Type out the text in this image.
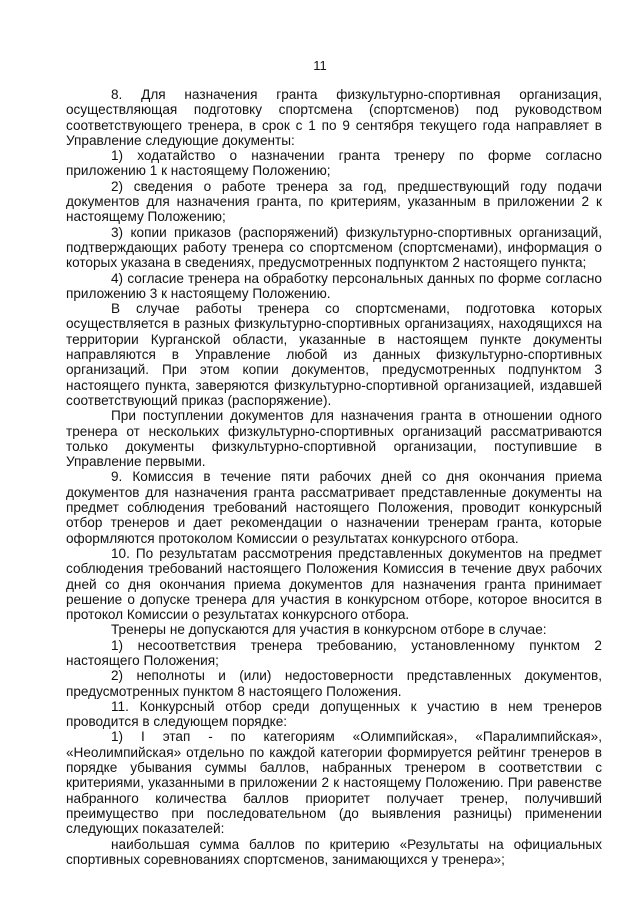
11

8. Для назначения гранта физкультурно-спортивная организация, осуществляющая подготовку спортсмена (спортсменов) под руководством соответствующего тренера, в срок с 1 по 9 сентября текущего года направляет в Управление следующие документы:

1) ходатайство о назначении гранта тренеру по форме согласно приложению 1 к настоящему Положению;

2) сведения о работе тренера за год, предшествующий году подачи документов для назначения гранта, по критериям, указанным в приложении 2 к настоящему Положению;

3) копии приказов (распоряжений) физкультурно-спортивных организаций, подтверждающих работу тренера со спортсменом (спортсменами), информация о которых указана в сведениях, предусмотренных подпунктом 2 настоящего пункта;

4) согласие тренера на обработку персональных данных по форме согласно приложению 3 к настоящему Положению.

В случае работы тренера со спортсменами, подготовка которых осуществляется в разных физкультурно-спортивных организациях, находящихся на территории Курганской области, указанные в настоящем пункте документы направляются в Управление любой из данных физкультурно-спортивных организаций. При этом копии документов, предусмотренных подпунктом 3 настоящего пункта, заверяются физкультурно-спортивной организацией, издавшей соответствующий приказ (распоряжение).

При поступлении документов для назначения гранта в отношении одного тренера от нескольких физкультурно-спортивных организаций рассматриваются только документы физкультурно-спортивной организации, поступившие в Управление первыми.

9. Комиссия в течение пяти рабочих дней со дня окончания приема документов для назначения гранта рассматривает представленные документы на предмет соблюдения требований настоящего Положения, проводит конкурсный отбор тренеров и дает рекомендации о назначении тренерам гранта, которые оформляются протоколом Комиссии о результатах конкурсного отбора.

10. По результатам рассмотрения представленных документов на предмет соблюдения требований настоящего Положения Комиссия в течение двух рабочих дней со дня окончания приема документов для назначения гранта принимает решение о допуске тренера для участия в конкурсном отборе, которое вносится в протокол Комиссии о результатах конкурсного отбора.

Тренеры не допускаются для участия в конкурсном отборе в случае:

1) несоответствия тренера требованию, установленному пунктом 2 настоящего Положения;

2) неполноты и (или) недостоверности представленных документов, предусмотренных пунктом 8 настоящего Положения.

11. Конкурсный отбор среди допущенных к участию в нем тренеров проводится в следующем порядке:

1) I этап - по категориям «Олимпийская», «Паралимпийская», «Неолимпийская» отдельно по каждой категории формируется рейтинг тренеров в порядке убывания суммы баллов, набранных тренером в соответствии с критериями, указанными в приложении 2 к настоящему Положению. При равенстве набранного количества баллов приоритет получает тренер, получивший преимущество при последовательном (до выявления разницы) применении следующих показателей:

наибольшая сумма баллов по критерию «Результаты на официальных спортивных соревнованиях спортсменов, занимающихся у тренера»;
